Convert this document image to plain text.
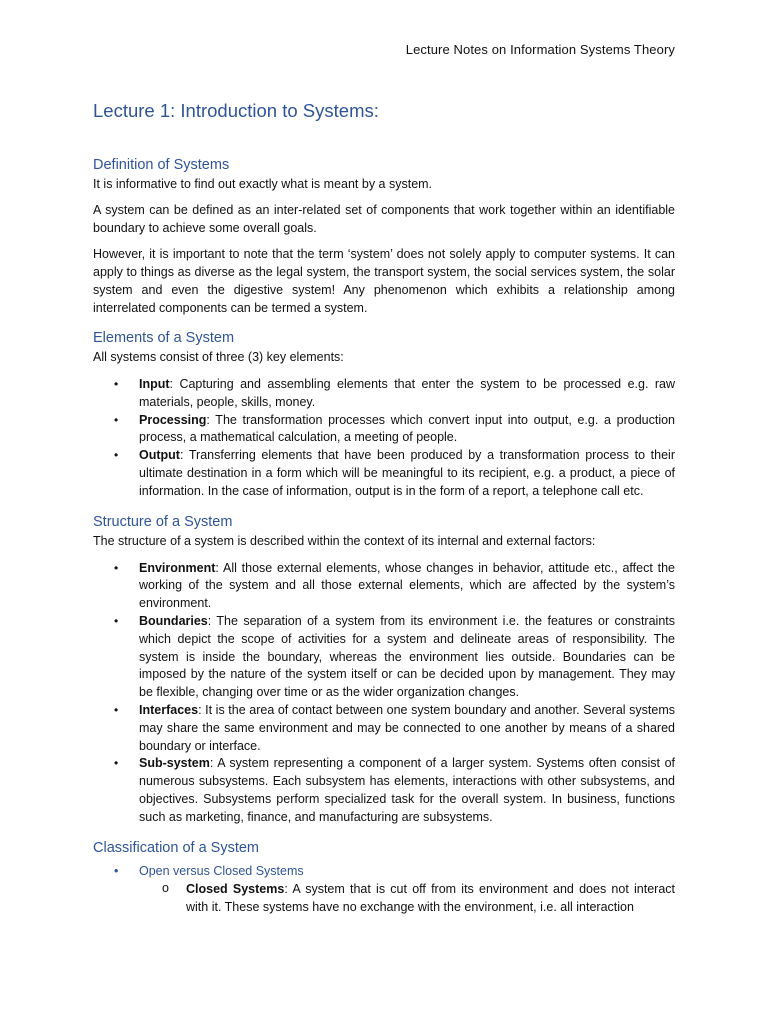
Lecture Notes on Information Systems Theory
Lecture 1: Introduction to Systems:
Definition of Systems

It is informative to find out exactly what is meant by a system.

A system can be defined as an inter-related set of components that work together within an identifiable boundary to achieve some overall goals.

However, it is important to note that the term ‘system’ does not solely apply to computer systems. It can apply to things as diverse as the legal system, the transport system, the social services system, the solar system and even the digestive system! Any phenomenon which exhibits a relationship among interrelated components can be termed a system.

Elements of a System

All systems consist of three (3) key elements:

• Input: Capturing and assembling elements that enter the system to be processed e.g. raw materials, people, skills, money.
• Processing: The transformation processes which convert input into output, e.g. a production process, a mathematical calculation, a meeting of people.
• Output: Transferring elements that have been produced by a transformation process to their ultimate destination in a form which will be meaningful to its recipient, e.g. a product, a piece of information. In the case of information, output is in the form of a report, a telephone call etc.
Structure of a System

The structure of a system is described within the context of its internal and external factors:

• Environment: All those external elements, whose changes in behavior, attitude etc., affect the working of the system and all those external elements, which are affected by the system’s environment.
• Boundaries: The separation of a system from its environment i.e. the features or constraints which depict the scope of activities for a system and delineate areas of responsibility. The system is inside the boundary, whereas the environment lies outside. Boundaries can be imposed by the nature of the system itself or can be decided upon by management. They may be flexible, changing over time or as the wider organization changes.
• Interfaces: It is the area of contact between one system boundary and another. Several systems may share the same environment and may be connected to one another by means of a shared boundary or interface.
• Sub-system: A system representing a component of a larger system. Systems often consist of numerous subsystems. Each subsystem has elements, interactions with other subsystems, and objectives. Subsystems perform specialized task for the overall system. In business, functions such as marketing, finance, and manufacturing are subsystems.
Classification of a System
• Open versus Closed Systems
o Closed Systems: A system that is cut off from its environment and does not interact with it. These systems have no exchange with the environment, i.e. all interaction
